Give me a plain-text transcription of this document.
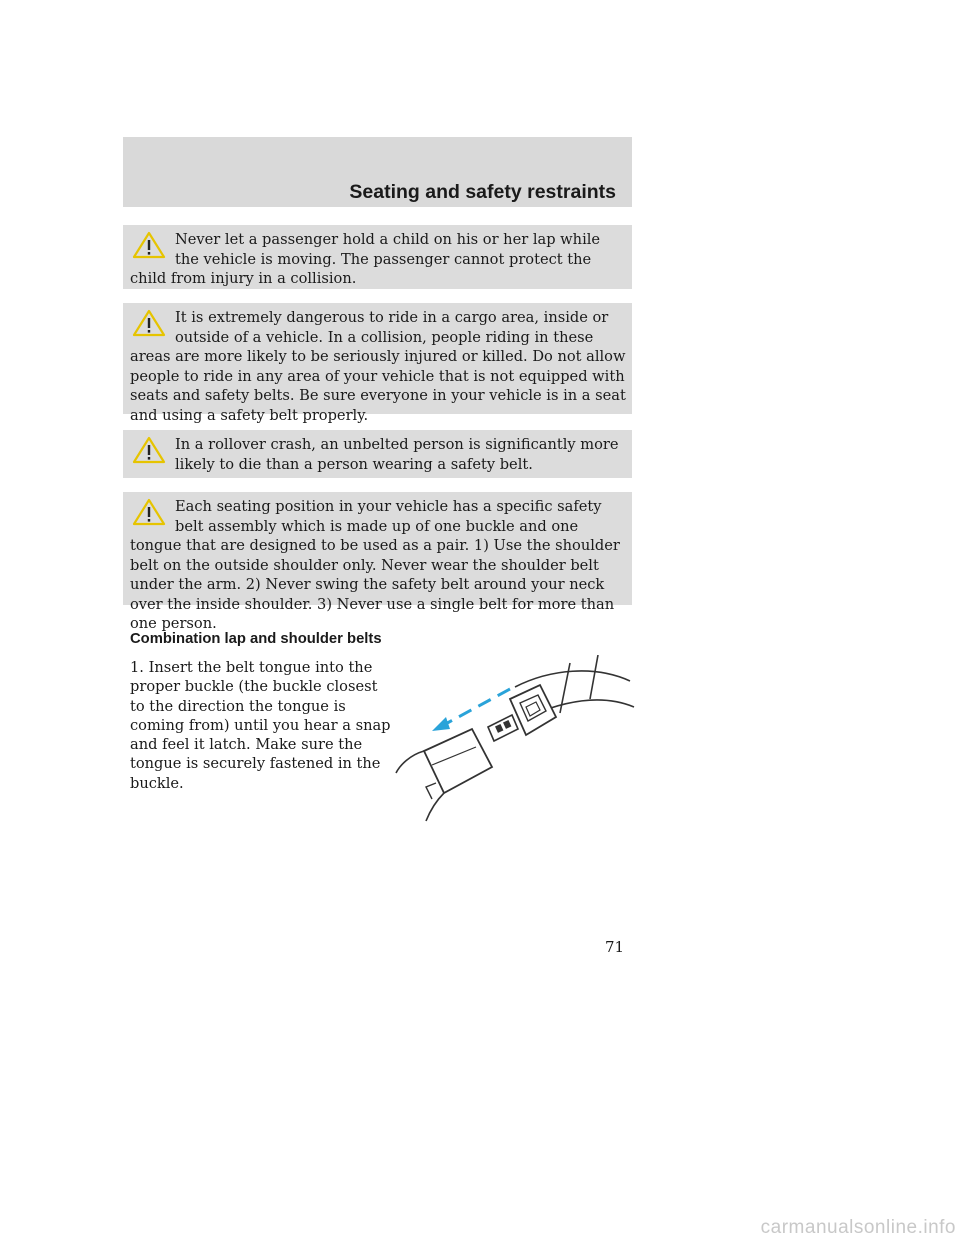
Seating and safety restraints

Never let a passenger hold a child on his or her lap while the vehicle is moving. The passenger cannot protect the child from injury in a collision.

It is extremely dangerous to ride in a cargo area, inside or outside of a vehicle. In a collision, people riding in these areas are more likely to be seriously injured or killed. Do not allow people to ride in any area of your vehicle that is not equipped with seats and safety belts. Be sure everyone in your vehicle is in a seat and using a safety belt properly.

In a rollover crash, an unbelted person is significantly more likely to die than a person wearing a safety belt.

Each seating position in your vehicle has a specific safety belt assembly which is made up of one buckle and one tongue that are designed to be used as a pair. 1) Use the shoulder belt on the outside shoulder only. Never wear the shoulder belt under the arm. 2) Never swing the safety belt around your neck over the inside shoulder. 3) Never use a single belt for more than one person.

Combination lap and shoulder belts

1. Insert the belt tongue into the proper buckle (the buckle closest to the direction the tongue is coming from) until you hear a snap and feel it latch. Make sure the tongue is securely fastened in the buckle.

71
carmanualsonline.info
